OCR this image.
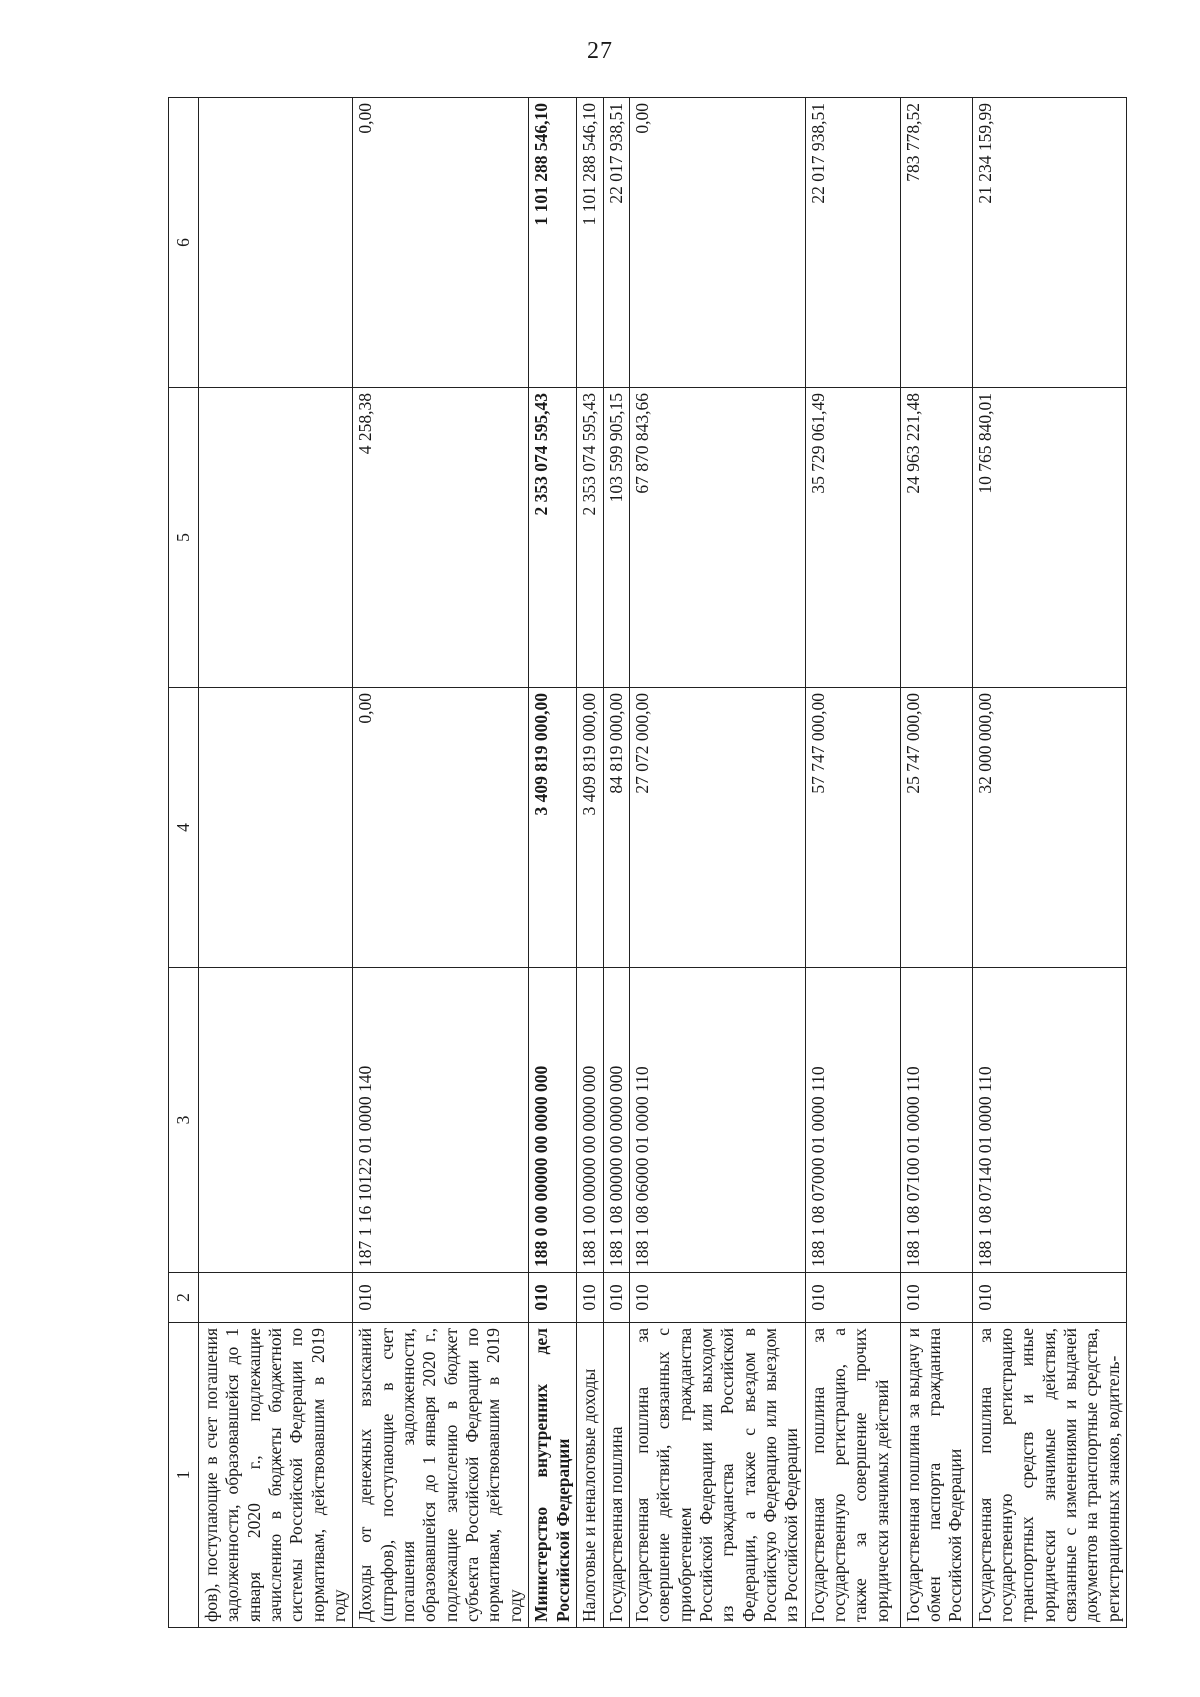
27
1	2	3	4	5	6
фов), поступающие в счет погашения задолженности, образовавшейся до 1 января 2020 г., подлежащие зачислению в бюджеты бюджетной системы Российской Федерации по нормативам, действовавшим в 2019 году					
Доходы от денежных взысканий (штрафов), поступающие в счет погашения задолженности, образовавшейся до 1 января 2020 г., подлежащие зачислению в бюджет субъекта Российской Федерации по нормативам, действовавшим в 2019 году	010	187 1 16 10122 01 0000 140	0,00	4 258,38	0,00
Министерство внутренних дел Российской Федерации	010	188 0 00 00000 00 0000 000	3 409 819 000,00	2 353 074 595,43	1 101 288 546,10
Налоговые и неналоговые доходы	010	188 1 00 00000 00 0000 000	3 409 819 000,00	2 353 074 595,43	1 101 288 546,10
Государственная пошлина	010	188 1 08 00000 00 0000 000	84 819 000,00	103 599 905,15	22 017 938,51
Государственная пошлина за совершение действий, связанных с приобретением гражданства Российской Федерации или выходом из гражданства Российской Федерации, а также с въездом в Российскую Федерацию или выездом из Российской Федерации	010	188 1 08 06000 01 0000 110	27 072 000,00	67 870 843,66	0,00
Государственная пошлина за государственную регистрацию, а также за совершение прочих юридически значимых действий	010	188 1 08 07000 01 0000 110	57 747 000,00	35 729 061,49	22 017 938,51
Государственная пошлина за выдачу и обмен паспорта гражданина Российской Федерации	010	188 1 08 07100 01 0000 110	25 747 000,00	24 963 221,48	783 778,52
Государственная пошлина за государственную регистрацию транспортных средств и иные юридически значимые действия, связанные с изменениями и выдачей документов на транспортные средства, регистрационных знаков, водитель-	010	188 1 08 07140 01 0000 110	32 000 000,00	10 765 840,01	21 234 159,99
